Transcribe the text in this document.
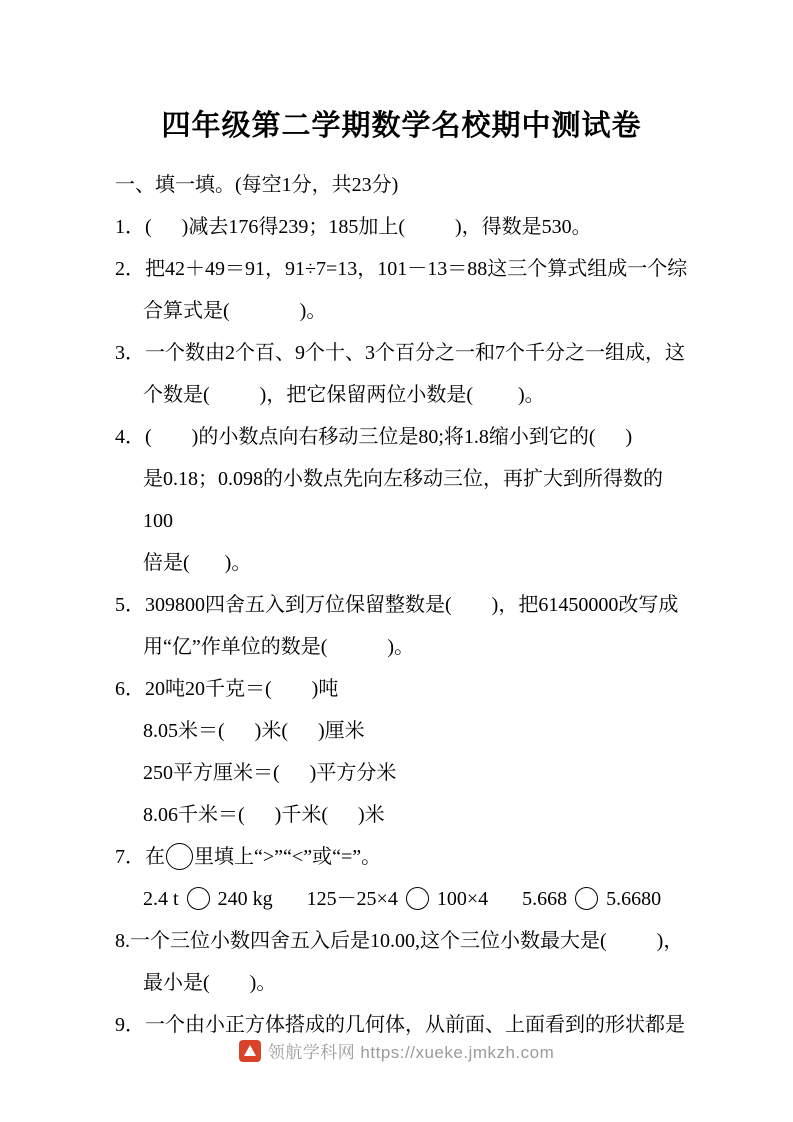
四年级第二学期数学名校期中测试卷
一、填一填。(每空1分，共23分)
1．(      )减去176得239；185加上(          )，得数是530。
2．把42＋49＝91，91÷7=13，101－13＝88这三个算式组成一个综
合算式是(              )。
3．一个数由2个百、9个十、3个百分之一和7个千分之一组成，这
个数是(          )，把它保留两位小数是(         )。
4．(        )的小数点向右移动三位是80;将1.8缩小到它的(      )
是0.18；0.098的小数点先向左移动三位，再扩大到所得数的100
倍是(       )。
5．309800四舍五入到万位保留整数是(        )，把61450000改写成
用“亿”作单位的数是(            )。
6．20吨20千克＝(        )吨
8.05米＝(      )米(      )厘米
250平方厘米＝(      )平方分米
8.06千米＝(      )千米(      )米
7．在 里填上“>”“<”或“=”。
2.4 t  240 kg 125－25×4  100×4 5.668  5.6680
8.一个三位小数四舍五入后是10.00,这个三位小数最大是(          )，
最小是(        )。
9．一个由小正方体搭成的几何体，从前面、上面看到的形状都是
领航学科网 https://xueke.jmkzh.com
